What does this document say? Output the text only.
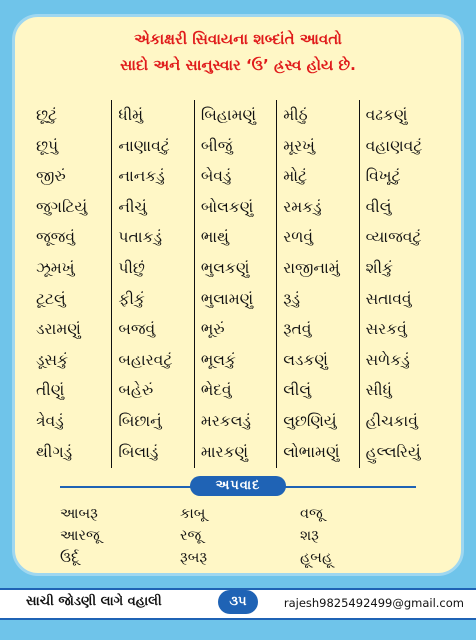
એકાક્ષરી સિવાયના શબ્દાંતે આવતો
સાદો અને સાનુસ્વાર ‘ઉ’ હ્રસ્વ હોય છે.
છૂટું
છૂપું
જીરું
જુગટિયું
જૂજવું
ઝૂમખું
ટૂટલું
ડરામણું
ડૂસકું
તીણું
ત્રેવડું
થીગડું
ધીમું
નાણાવટું
નાનકડું
નીચું
પતાકડું
પીછું
ફીકું
બજવું
બહારવટું
બહેરું
બિછાનું
બિલાડું
બિહામણું
બીજું
બેવડું
બોલકણું
ભાથું
ભુલકણું
ભુલામણું
ભૂરું
ભૂલકું
ભેદવું
મરકલડું
મારકણું
મીઠું
મૂરખું
મોટું
રમકડું
રળવું
રાજીનામું
રૂડું
રૂતવું
લડકણું
લીલું
લુછણિયું
લોભામણું
વઢકણું
વહાણવટું
વિખૂટું
વીલું
વ્યાજવટું
શીકું
સતાવવું
સરકવું
સળેકડું
સીધું
હીચકાવું
હુલ્લરિયું
અપવાદ
આબરૂ
આરજૂ
ઉર્દૂ
કાબૂ
રજૂ
રૂબરૂ
વજૂ
શરૂ
હૂબહૂ
સાચી જોડણી લાગે વહાલી	૩૫	rajesh9825492499@gmail.com
